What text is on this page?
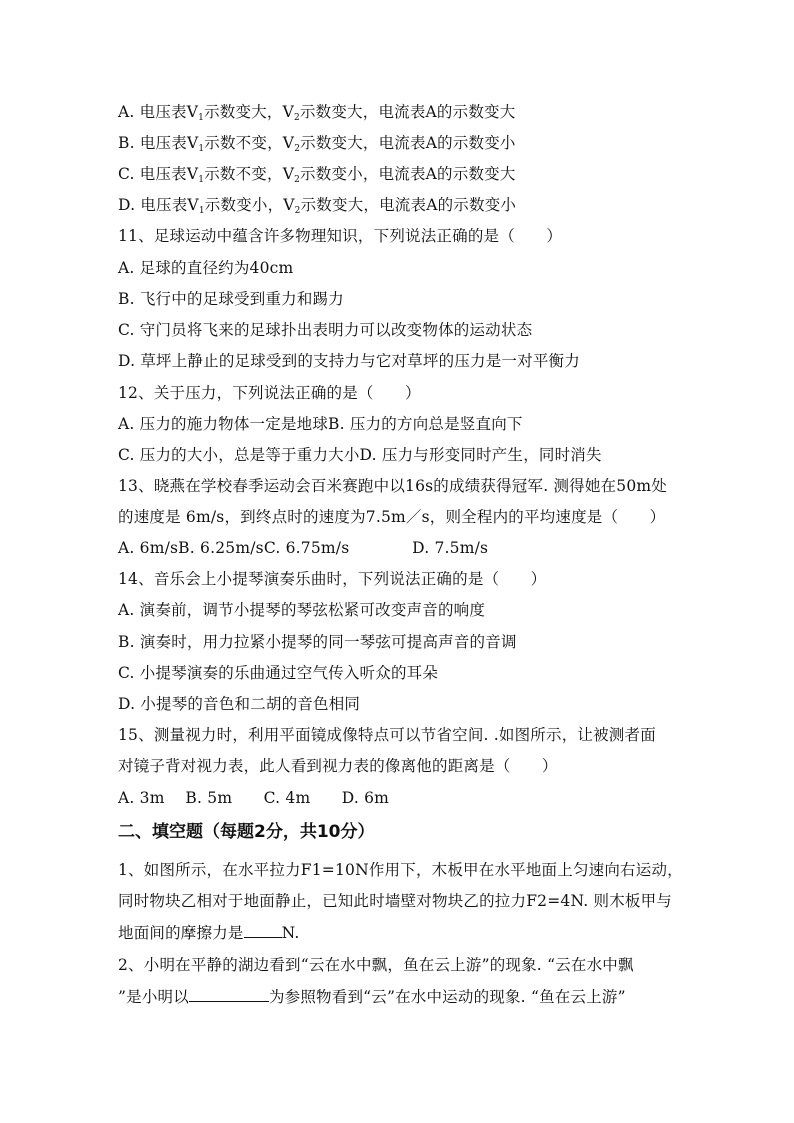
A. 电压表$V_1$示数变大，$V_2$示数变大，电流表A的示数变大
B. 电压表$V_1$示数不变，$V_2$示数变大，电流表A的示数变小
C. 电压表$V_1$示数不变，$V_2$示数变小，电流表A的示数变大
D. 电压表$V_1$示数变小，$V_2$示数变大，电流表A的示数变小
11、足球运动中蕴含许多物理知识，下列说法正确的是（　　）
A. 足球的直径约为40cm
B. 飞行中的足球受到重力和踢力
C. 守门员将飞来的足球扑出表明力可以改变物体的运动状态
D. 草坪上静止的足球受到的支持力与它对草坪的压力是一对平衡力
12、关于压力，下列说法正确的是（　　）
A. 压力的施力物体一定是地球B. 压力的方向总是竖直向下
C. 压力的大小，总是等于重力大小D. 压力与形变同时产生，同时消失
13、晓燕在学校春季运动会百米赛跑中以16s的成绩获得冠军. 测得她在50m处
的速度是 6m/s，到终点时的速度为7.5m／s，则全程内的平均速度是（　　）
A. 6m/sB. 6.25m/sC. 6.75m/s　　　　D. 7.5m/s
14、音乐会上小提琴演奏乐曲时，下列说法正确的是（　　）
A. 演奏前，调节小提琴的琴弦松紧可改变声音的响度
B. 演奏时，用力拉紧小提琴的同一琴弦可提高声音的音调
C. 小提琴演奏的乐曲通过空气传入听众的耳朵
D. 小提琴的音色和二胡的音色相同
15、测量视力时，利用平面镜成像特点可以节省空间. .如图所示，让被测者面
对镜子背对视力表，此人看到视力表的像离他的距离是（　　）
A. 3m　 B. 5m　　C. 4m　　D. 6m
二、填空题（每题2分，共10分）
1、如图所示，在水平拉力F1=10N作用下，木板甲在水平地面上匀速向右运动，
同时物块乙相对于地面静止，已知此时墙壁对物块乙的拉力F2=4N. 则木板甲与
地面间的摩擦力是 N.
2、小明在平静的湖边看到“云在水中飘，鱼在云上游”的现象. “云在水中飘
”是小明以	为参照物看到“云”在水中运动的现象. “鱼在云上游”
